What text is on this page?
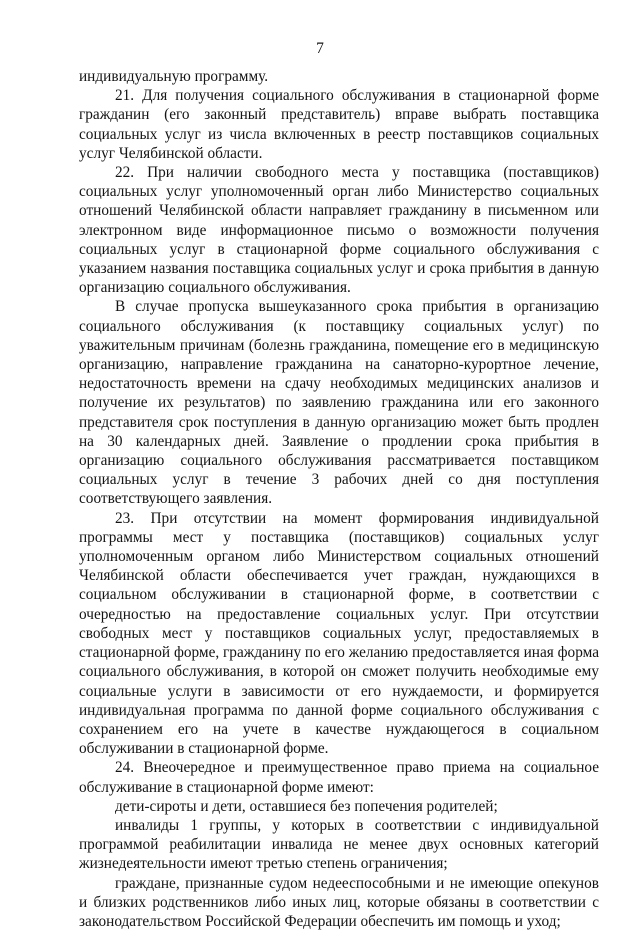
7

индивидуальную программу.

21. Для получения социального обслуживания в стационарной форме гражданин (его законный представитель) вправе выбрать поставщика социальных услуг из числа включенных в реестр поставщиков социальных услуг Челябинской области.

22. При наличии свободного места у поставщика (поставщиков) социальных услуг уполномоченный орган либо Министерство социальных отношений Челябинской области направляет гражданину в письменном или электронном виде информационное письмо о возможности получения социальных услуг в стационарной форме социального обслуживания с указанием названия поставщика социальных услуг и срока прибытия в данную организацию социального обслуживания.

В случае пропуска вышеуказанного срока прибытия в организацию социального обслуживания (к поставщику социальных услуг) по уважительным причинам (болезнь гражданина, помещение его в медицинскую организацию, направление гражданина на санаторно-курортное лечение, недостаточность времени на сдачу необходимых медицинских анализов и получение их результатов) по заявлению гражданина или его законного представителя срок поступления в данную организацию может быть продлен на 30 календарных дней. Заявление о продлении срока прибытия в организацию социального обслуживания рассматривается поставщиком социальных услуг в течение 3 рабочих дней со дня поступления соответствующего заявления.

23. При отсутствии на момент формирования индивидуальной программы мест у поставщика (поставщиков) социальных услуг уполномоченным органом либо Министерством социальных отношений Челябинской области обеспечивается учет граждан, нуждающихся в социальном обслуживании в стационарной форме, в соответствии с очередностью на предоставление социальных услуг. При отсутствии свободных мест у поставщиков социальных услуг, предоставляемых в стационарной форме, гражданину по его желанию предоставляется иная форма социального обслуживания, в которой он сможет получить необходимые ему социальные услуги в зависимости от его нуждаемости, и формируется индивидуальная программа по данной форме социального обслуживания с сохранением его на учете в качестве нуждающегося в социальном обслуживании в стационарной форме.

24. Внеочередное и преимущественное право приема на социальное обслуживание в стационарной форме имеют:

дети-сироты и дети, оставшиеся без попечения родителей;

инвалиды 1 группы, у которых в соответствии с индивидуальной программой реабилитации инвалида не менее двух основных категорий жизнедеятельности имеют третью степень ограничения;

граждане, признанные судом недееспособными и не имеющие опекунов и близких родственников либо иных лиц, которые обязаны в соответствии с законодательством Российской Федерации обеспечить им помощь и уход;
